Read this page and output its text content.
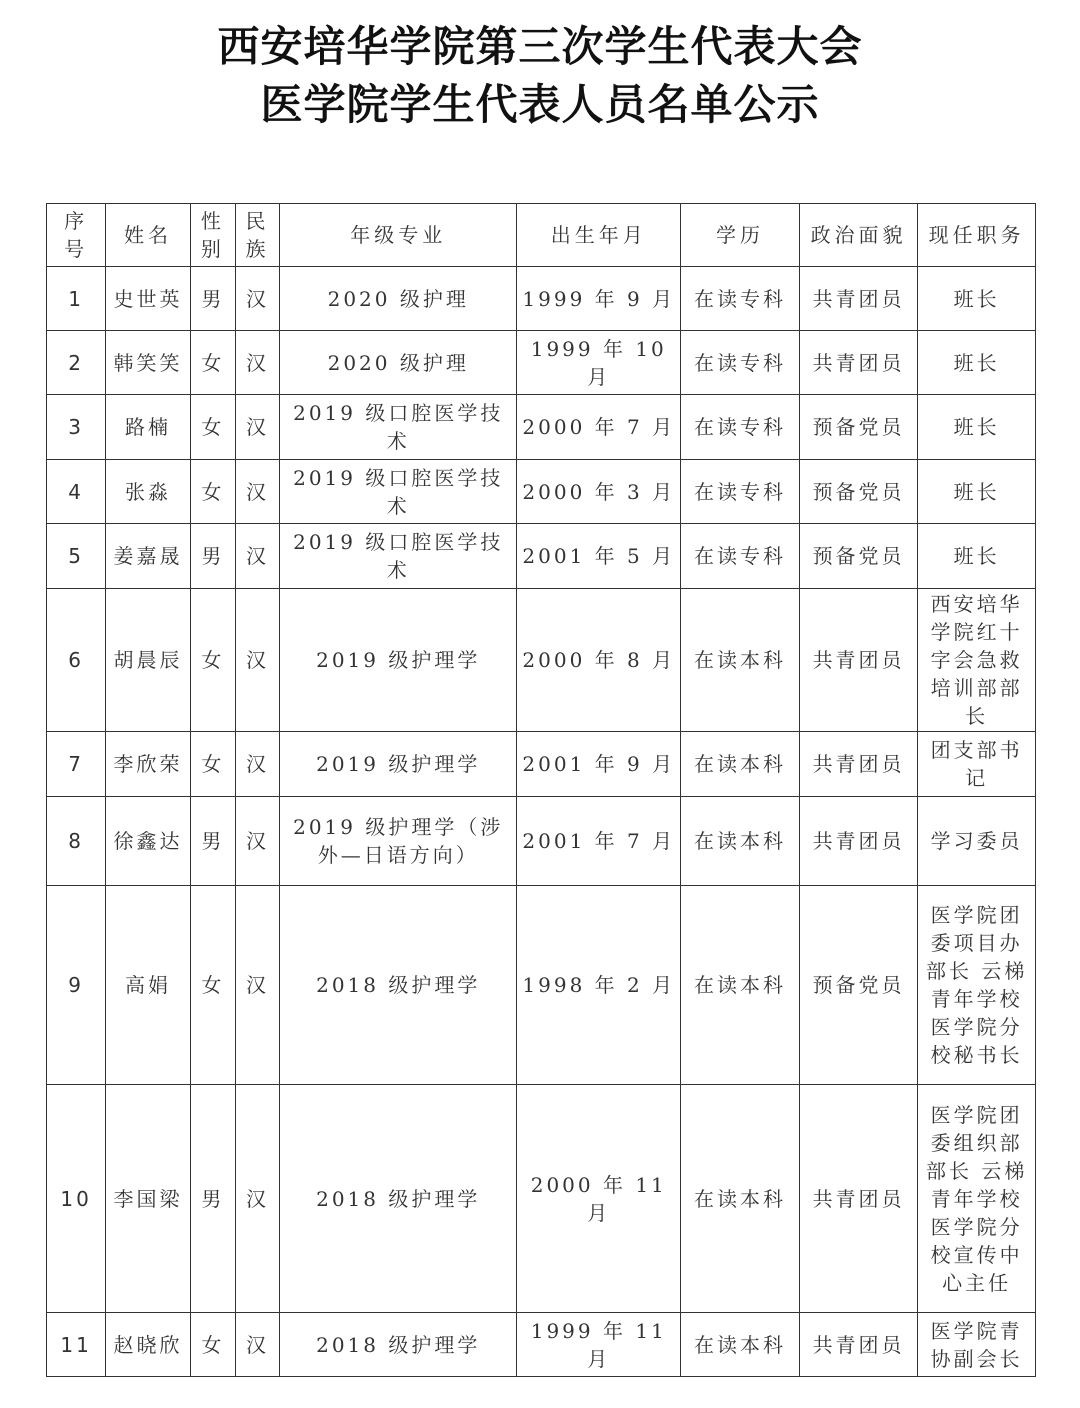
西安培华学院第三次学生代表大会
医学院学生代表人员名单公示
序号	姓名	性别	民族	年级专业	出生年月	学历	政治面貌	现任职务
1	史世英	男	汉	2020 级护理	1999 年 9 月	在读专科	共青团员	班长
2	韩笑笑	女	汉	2020 级护理	1999 年 10 月	在读专科	共青团员	班长
3	路楠	女	汉	2019 级口腔医学技术	2000 年 7 月	在读专科	预备党员	班长
4	张淼	女	汉	2019 级口腔医学技术	2000 年 3 月	在读专科	预备党员	班长
5	姜嘉晟	男	汉	2019 级口腔医学技术	2001 年 5 月	在读专科	预备党员	班长
6	胡晨辰	女	汉	2019 级护理学	2000 年 8 月	在读本科	共青团员	西安培华学院红十字会急救培训部部长
7	李欣荣	女	汉	2019 级护理学	2001 年 9 月	在读本科	共青团员	团支部书记
8	徐鑫达	男	汉	2019 级护理学（涉外—日语方向）	2001 年 7 月	在读本科	共青团员	学习委员
9	高娟	女	汉	2018 级护理学	1998 年 2 月	在读本科	预备党员	医学院团委项目办部长 云梯青年学校医学院分校秘书长
10	李国梁	男	汉	2018 级护理学	2000 年 11 月	在读本科	共青团员	医学院团委组织部部长 云梯青年学校医学院分校宣传中心主任
11	赵晓欣	女	汉	2018 级护理学	1999 年 11 月	在读本科	共青团员	医学院青协副会长
